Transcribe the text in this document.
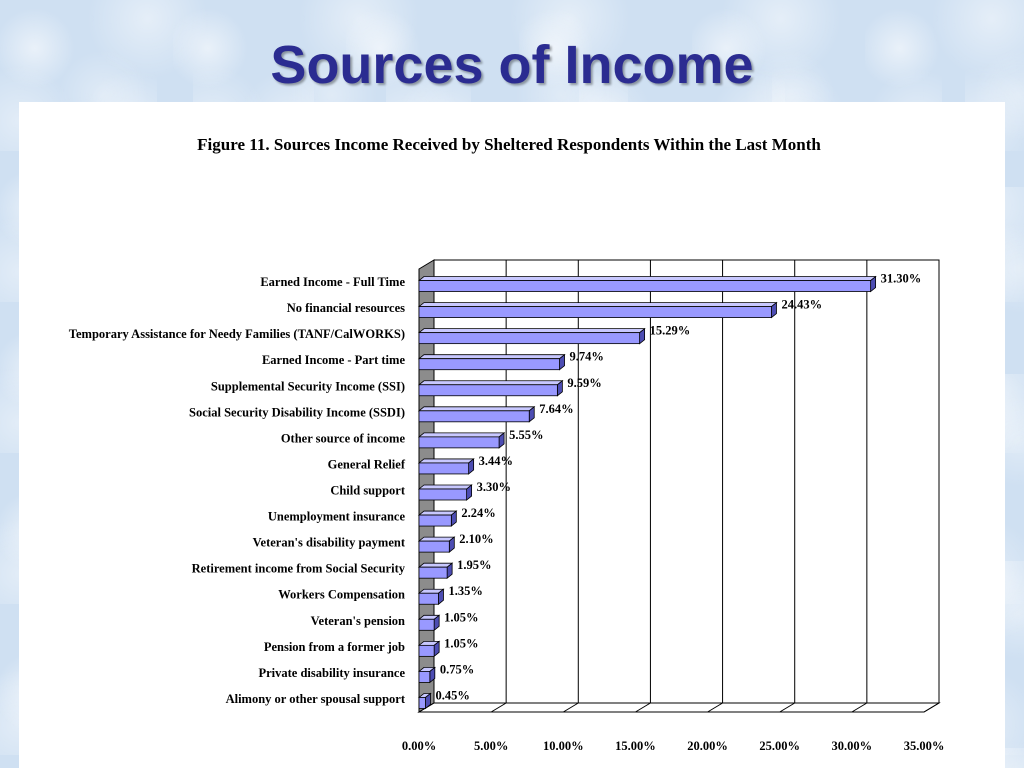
Sources of Income

Figure 11. Sources Income Received by Sheltered Respondents Within the Last Month

Earned Income - Full Time
No financial resources
Temporary Assistance for Needy Families (TANF/CalWORKS)
Earned Income - Part time
Supplemental Security Income (SSI)
Social Security Disability Income (SSDI)
Other source of income
General Relief
Child support
Unemployment insurance
Veteran's disability payment
Retirement income from Social Security
Workers Compensation
Veteran's pension
Pension from a former job
Private disability insurance
Alimony or other spousal support
31.30%
24.43%
15.29%
9.74%
9.59%
7.64%
5.55%
3.44%
3.30%
2.24%
2.10%
1.95%
1.35%
1.05%
1.05%
0.75%
0.45%
0.00%	5.00%	10.00%	15.00%	20.00%	25.00%	30.00%	35.00%
